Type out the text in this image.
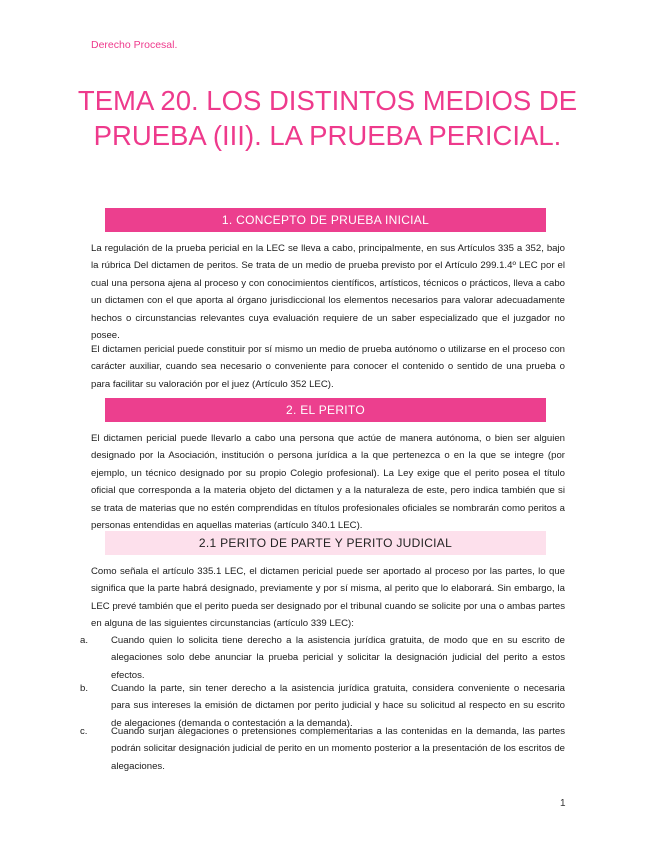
Derecho Procesal.
TEMA 20. LOS DISTINTOS MEDIOS DE PRUEBA (III). LA PRUEBA PERICIAL.
1. CONCEPTO DE PRUEBA INICIAL

La regulación de la prueba pericial en la LEC se lleva a cabo, principalmente, en sus Artículos 335 a 352, bajo la rúbrica Del dictamen de peritos. Se trata de un medio de prueba previsto por el Artículo 299.1.4º LEC por el cual una persona ajena al proceso y con conocimientos científicos, artísticos, técnicos o prácticos, lleva a cabo un dictamen con el que aporta al órgano jurisdiccional los elementos necesarios para valorar adecuadamente hechos o circunstancias relevantes cuya evaluación requiere de un saber especializado que el juzgador no posee.

El dictamen pericial puede constituir por sí mismo un medio de prueba autónomo o utilizarse en el proceso con carácter auxiliar, cuando sea necesario o conveniente para conocer el contenido o sentido de una prueba o para facilitar su valoración por el juez (Artículo 352 LEC).

2. EL PERITO

El dictamen pericial puede llevarlo a cabo una persona que actúe de manera autónoma, o bien ser alguien designado por la Asociación, institución o persona jurídica a la que pertenezca o en la que se integre (por ejemplo, un técnico designado por su propio Colegio profesional). La Ley exige que el perito posea el título oficial que corresponda a la materia objeto del dictamen y a la naturaleza de este, pero indica también que si se trata de materias que no estén comprendidas en títulos profesionales oficiales se nombrarán como peritos a personas entendidas en aquellas materias (artículo 340.1 LEC).

2.1 PERITO DE PARTE Y PERITO JUDICIAL

Como señala el artículo 335.1 LEC, el dictamen pericial puede ser aportado al proceso por las partes, lo que significa que la parte habrá designado, previamente y por sí misma, al perito que lo elaborará. Sin embargo, la LEC prevé también que el perito pueda ser designado por el tribunal cuando se solicite por una o ambas partes en alguna de las siguientes circunstancias (artículo 339 LEC):

a. Cuando quien lo solicita tiene derecho a la asistencia jurídica gratuita, de modo que en su escrito de alegaciones solo debe anunciar la prueba pericial y solicitar la designación judicial del perito a estos efectos.
b. Cuando la parte, sin tener derecho a la asistencia jurídica gratuita, considera conveniente o necesaria para sus intereses la emisión de dictamen por perito judicial y hace su solicitud al respecto en su escrito de alegaciones (demanda o contestación a la demanda).
c. Cuando surjan alegaciones o pretensiones complementarias a las contenidas en la demanda, las partes podrán solicitar designación judicial de perito en un momento posterior a la presentación de los escritos de alegaciones.
1
